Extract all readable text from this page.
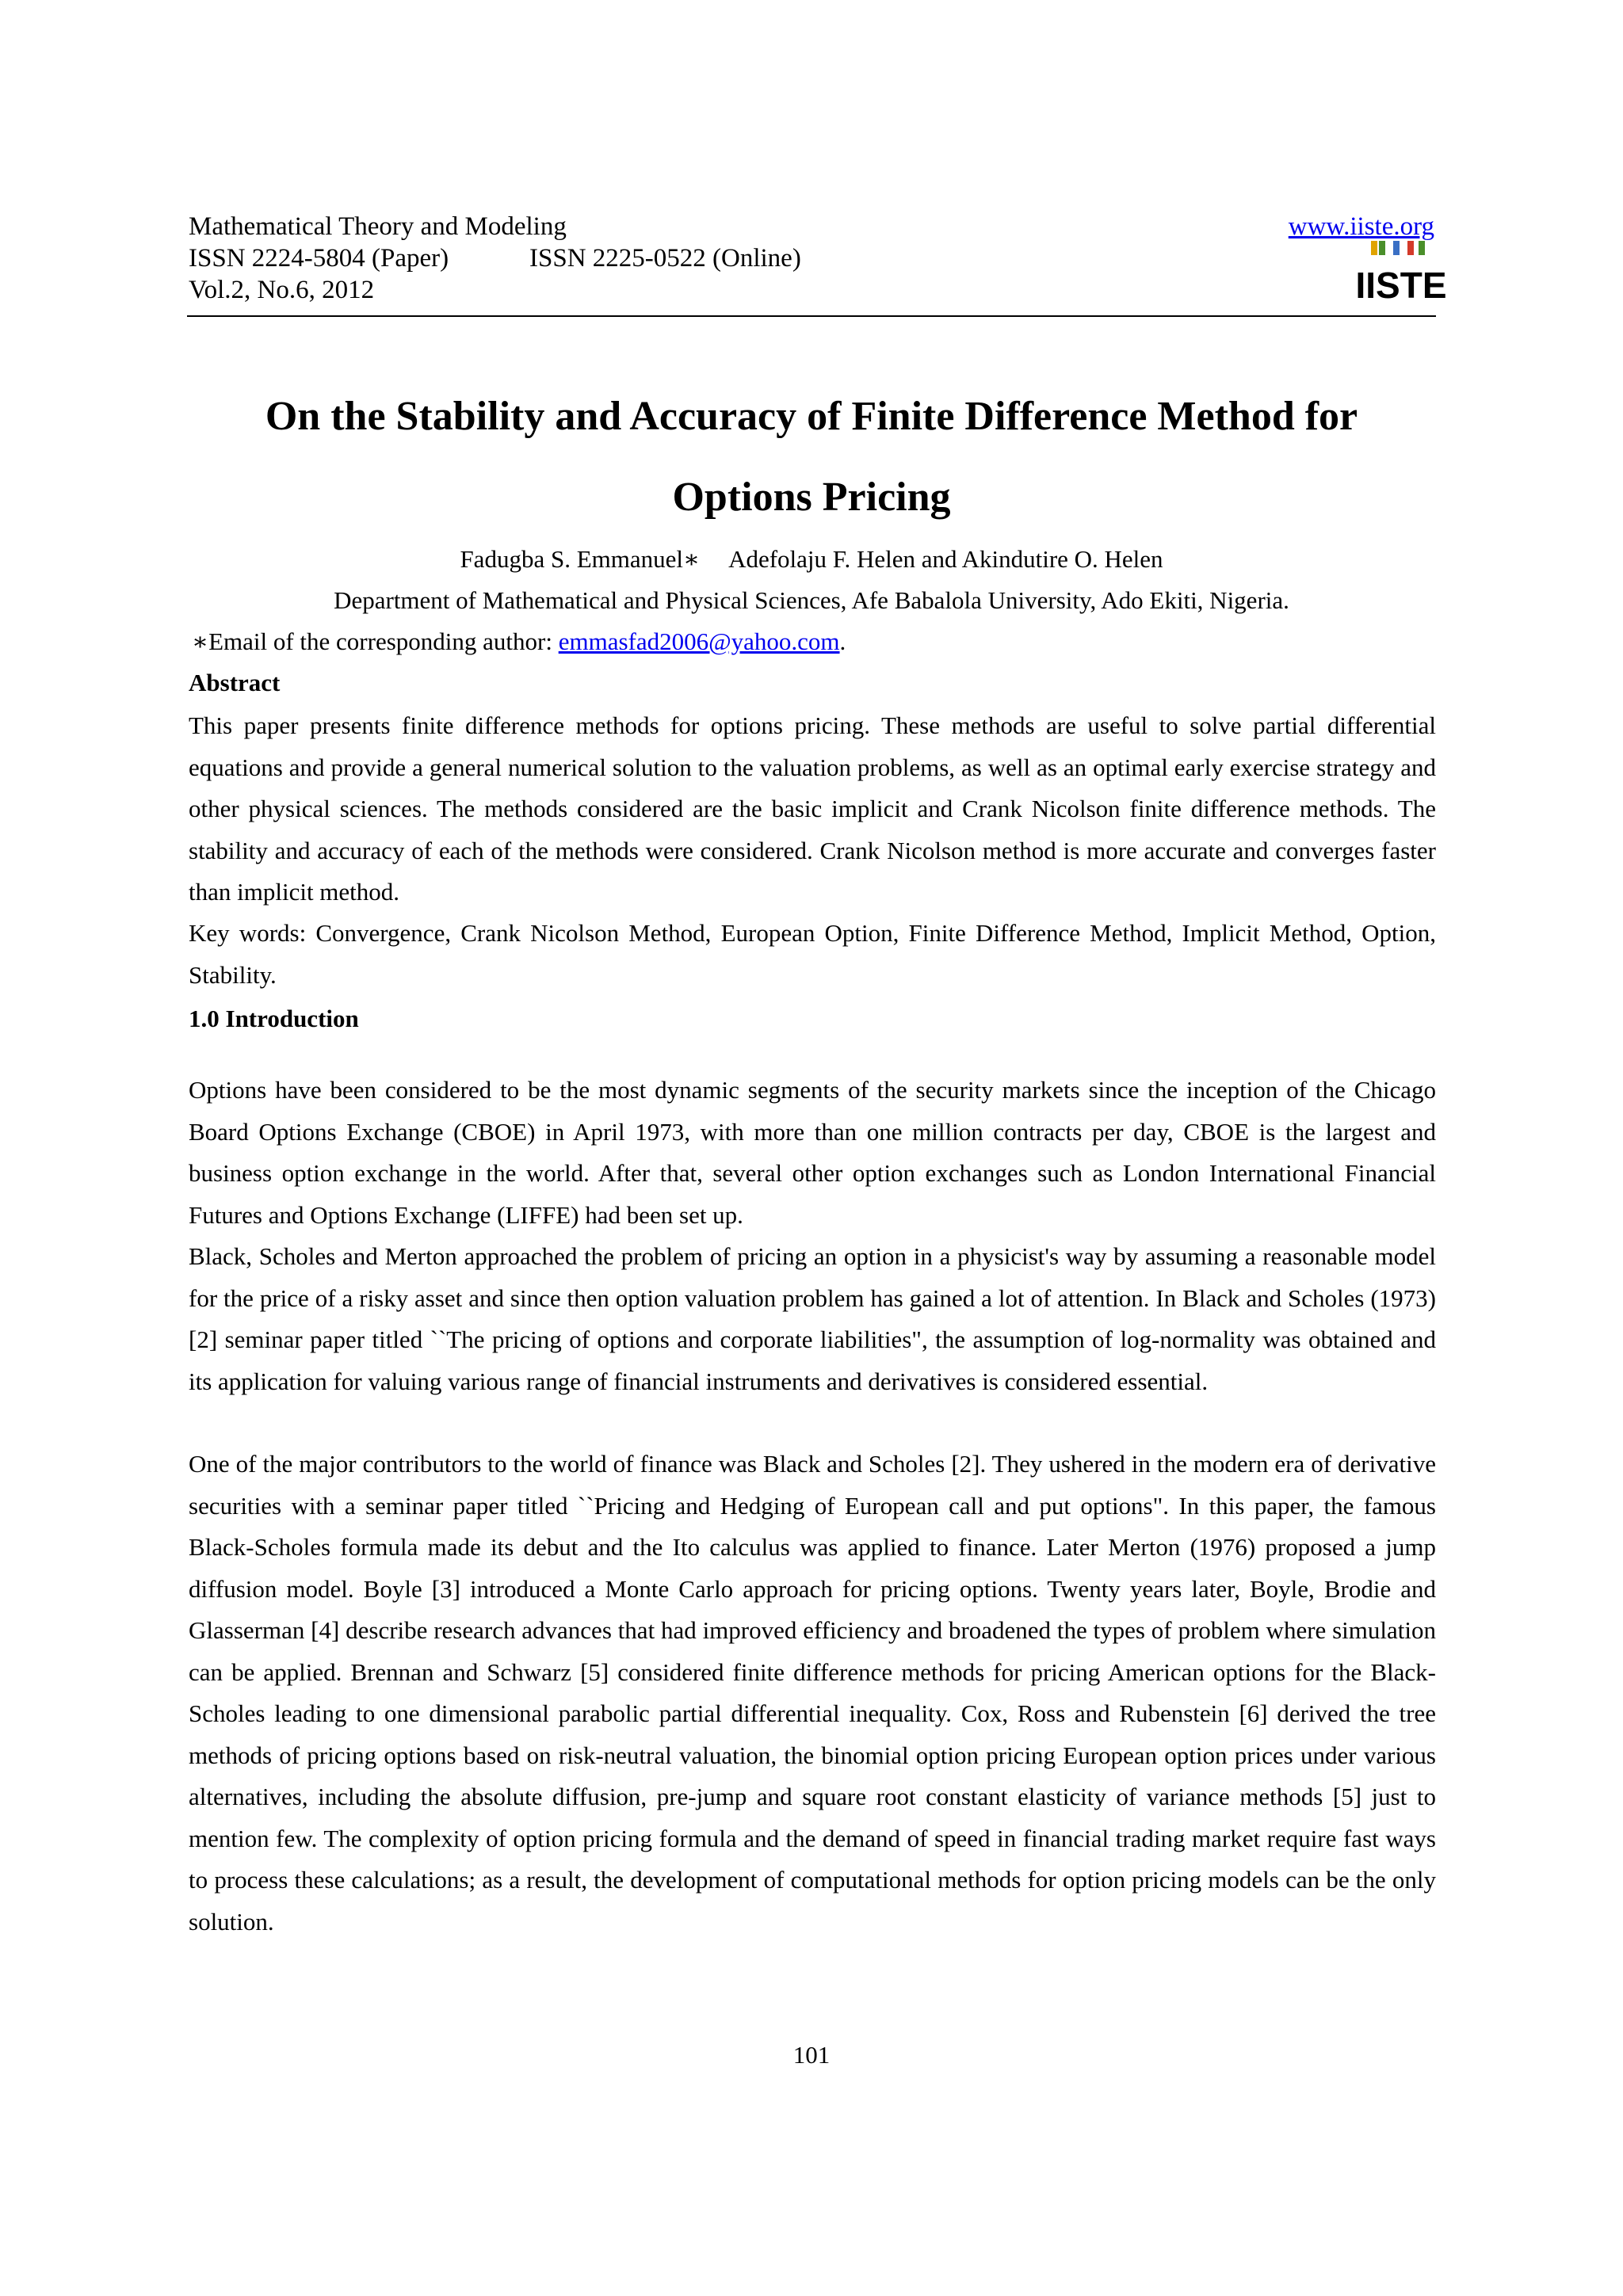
Mathematical Theory and Modeling
ISSN 2224-5804 (Paper)	ISSN 2225-0522 (Online)
Vol.2, No.6, 2012
www.iiste.org
IISTE
On the Stability and Accuracy of Finite Difference Method for
Options Pricing
Fadugba S. Emmanuel∗ Adefolaju F. Helen and Akindutire O. Helen
Department of Mathematical and Physical Sciences, Afe Babalola University, Ado Ekiti, Nigeria.
∗Email of the corresponding author: emmasfad2006@yahoo.com.
Abstract

This paper presents finite difference methods for options pricing. These methods are useful to solve partial differential equations and provide a general numerical solution to the valuation problems, as well as an optimal early exercise strategy and other physical sciences. The methods considered are the basic implicit and Crank Nicolson finite difference methods. The stability and accuracy of each of the methods were considered. Crank Nicolson method is more accurate and converges faster than implicit method.

Key words: Convergence, Crank Nicolson Method, European Option, Finite Difference Method, Implicit Method, Option, Stability.

1.0 Introduction

Options have been considered to be the most dynamic segments of the security markets since the inception of the Chicago Board Options Exchange (CBOE) in April 1973, with more than one million contracts per day, CBOE is the largest and business option exchange in the world. After that, several other option exchanges such as London International Financial Futures and Options Exchange (LIFFE) had been set up.

Black, Scholes and Merton approached the problem of pricing an option in a physicist's way by assuming a reasonable model for the price of a risky asset and since then option valuation problem has gained a lot of attention. In Black and Scholes (1973) [2] seminar paper titled ``The pricing of options and corporate liabilities", the assumption of log-normality was obtained and its application for valuing various range of financial instruments and derivatives is considered essential.

One of the major contributors to the world of finance was Black and Scholes [2]. They ushered in the modern era of derivative securities with a seminar paper titled ``Pricing and Hedging of European call and put options". In this paper, the famous Black-Scholes formula made its debut and the Ito calculus was applied to finance. Later Merton (1976) proposed a jump diffusion model. Boyle [3] introduced a Monte Carlo approach for pricing options. Twenty years later, Boyle, Brodie and Glasserman [4] describe research advances that had improved efficiency and broadened the types of problem where simulation can be applied. Brennan and Schwarz [5] considered finite difference methods for pricing American options for the Black-Scholes leading to one dimensional parabolic partial differential inequality. Cox, Ross and Rubenstein [6] derived the tree methods of pricing options based on risk-neutral valuation, the binomial option pricing European option prices under various alternatives, including the absolute diffusion, pre-jump and square root constant elasticity of variance methods [5] just to mention few. The complexity of option pricing formula and the demand of speed in financial trading market require fast ways to process these calculations; as a result, the development of computational methods for option pricing models can be the only solution.

101
